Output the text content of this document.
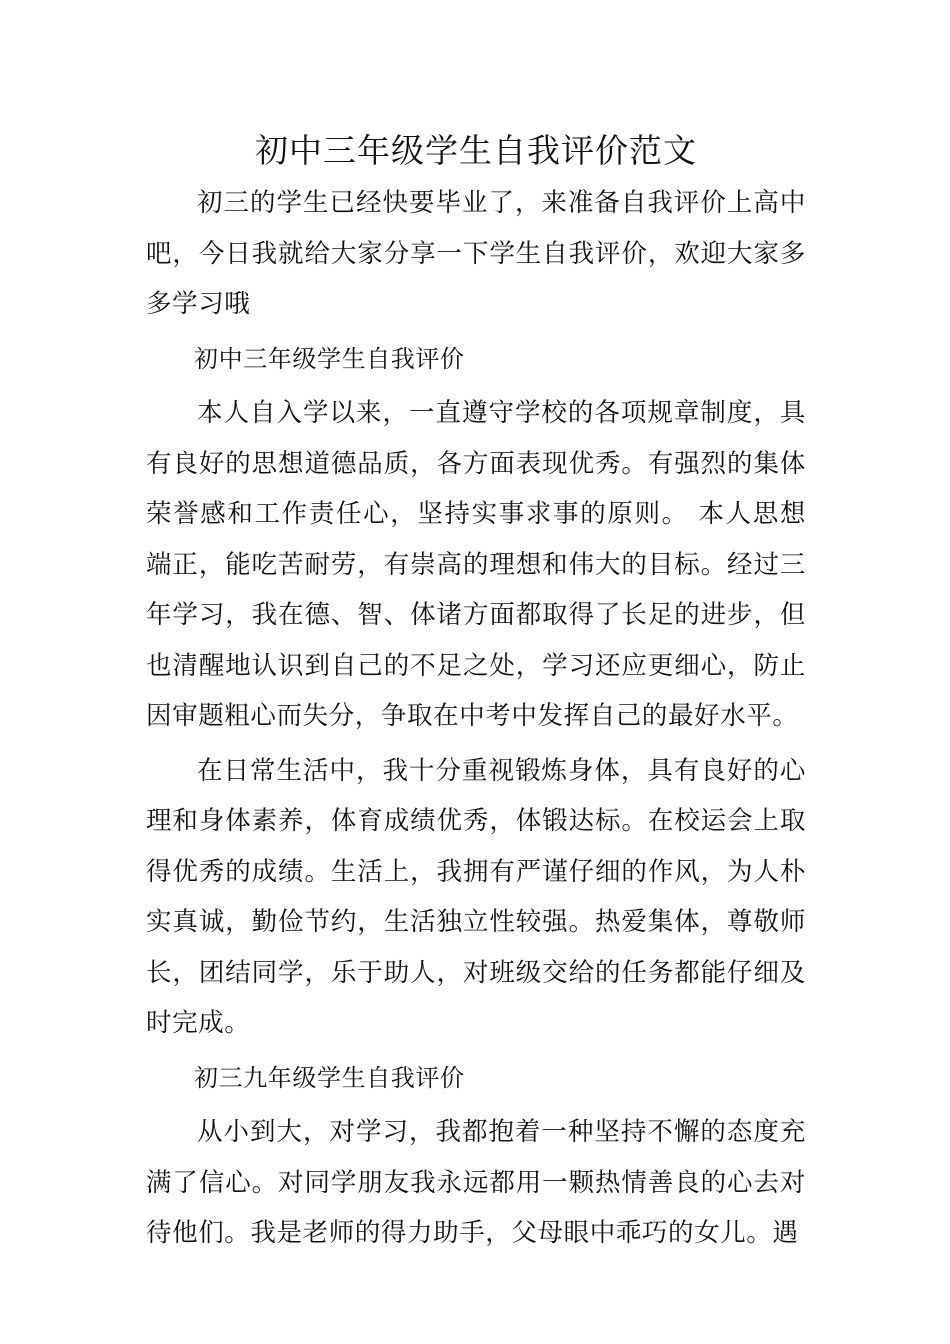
初中三年级学生自我评价范文

初三的学生已经快要毕业了，来准备自我评价上高中吧，今日我就给大家分享一下学生自我评价，欢迎大家多多学习哦

初中三年级学生自我评价

本人自入学以来，一直遵守学校的各项规章制度，具有良好的思想道德品质，各方面表现优秀。有强烈的集体荣誉感和工作责任心，坚持实事求事的原则。 本人思想端正，能吃苦耐劳，有崇高的理想和伟大的目标。经过三年学习，我在德、智、体诸方面都取得了长足的进步，但也清醒地认识到自己的不足之处，学习还应更细心，防止因审题粗心而失分，争取在中考中发挥自己的最好水平。

在日常生活中，我十分重视锻炼身体，具有良好的心理和身体素养，体育成绩优秀，体锻达标。在校运会上取得优秀的成绩。生活上，我拥有严谨仔细的作风，为人朴实真诚，勤俭节约，生活独立性较强。热爱集体，尊敬师长，团结同学，乐于助人，对班级交给的任务都能仔细及时完成。

初三九年级学生自我评价

从小到大，对学习，我都抱着一种坚持不懈的态度充满了信心。对同学朋友我永远都用一颗热情善良的心去对待他们。我是老师的得力助手，父母眼中乖巧的女儿。遇
